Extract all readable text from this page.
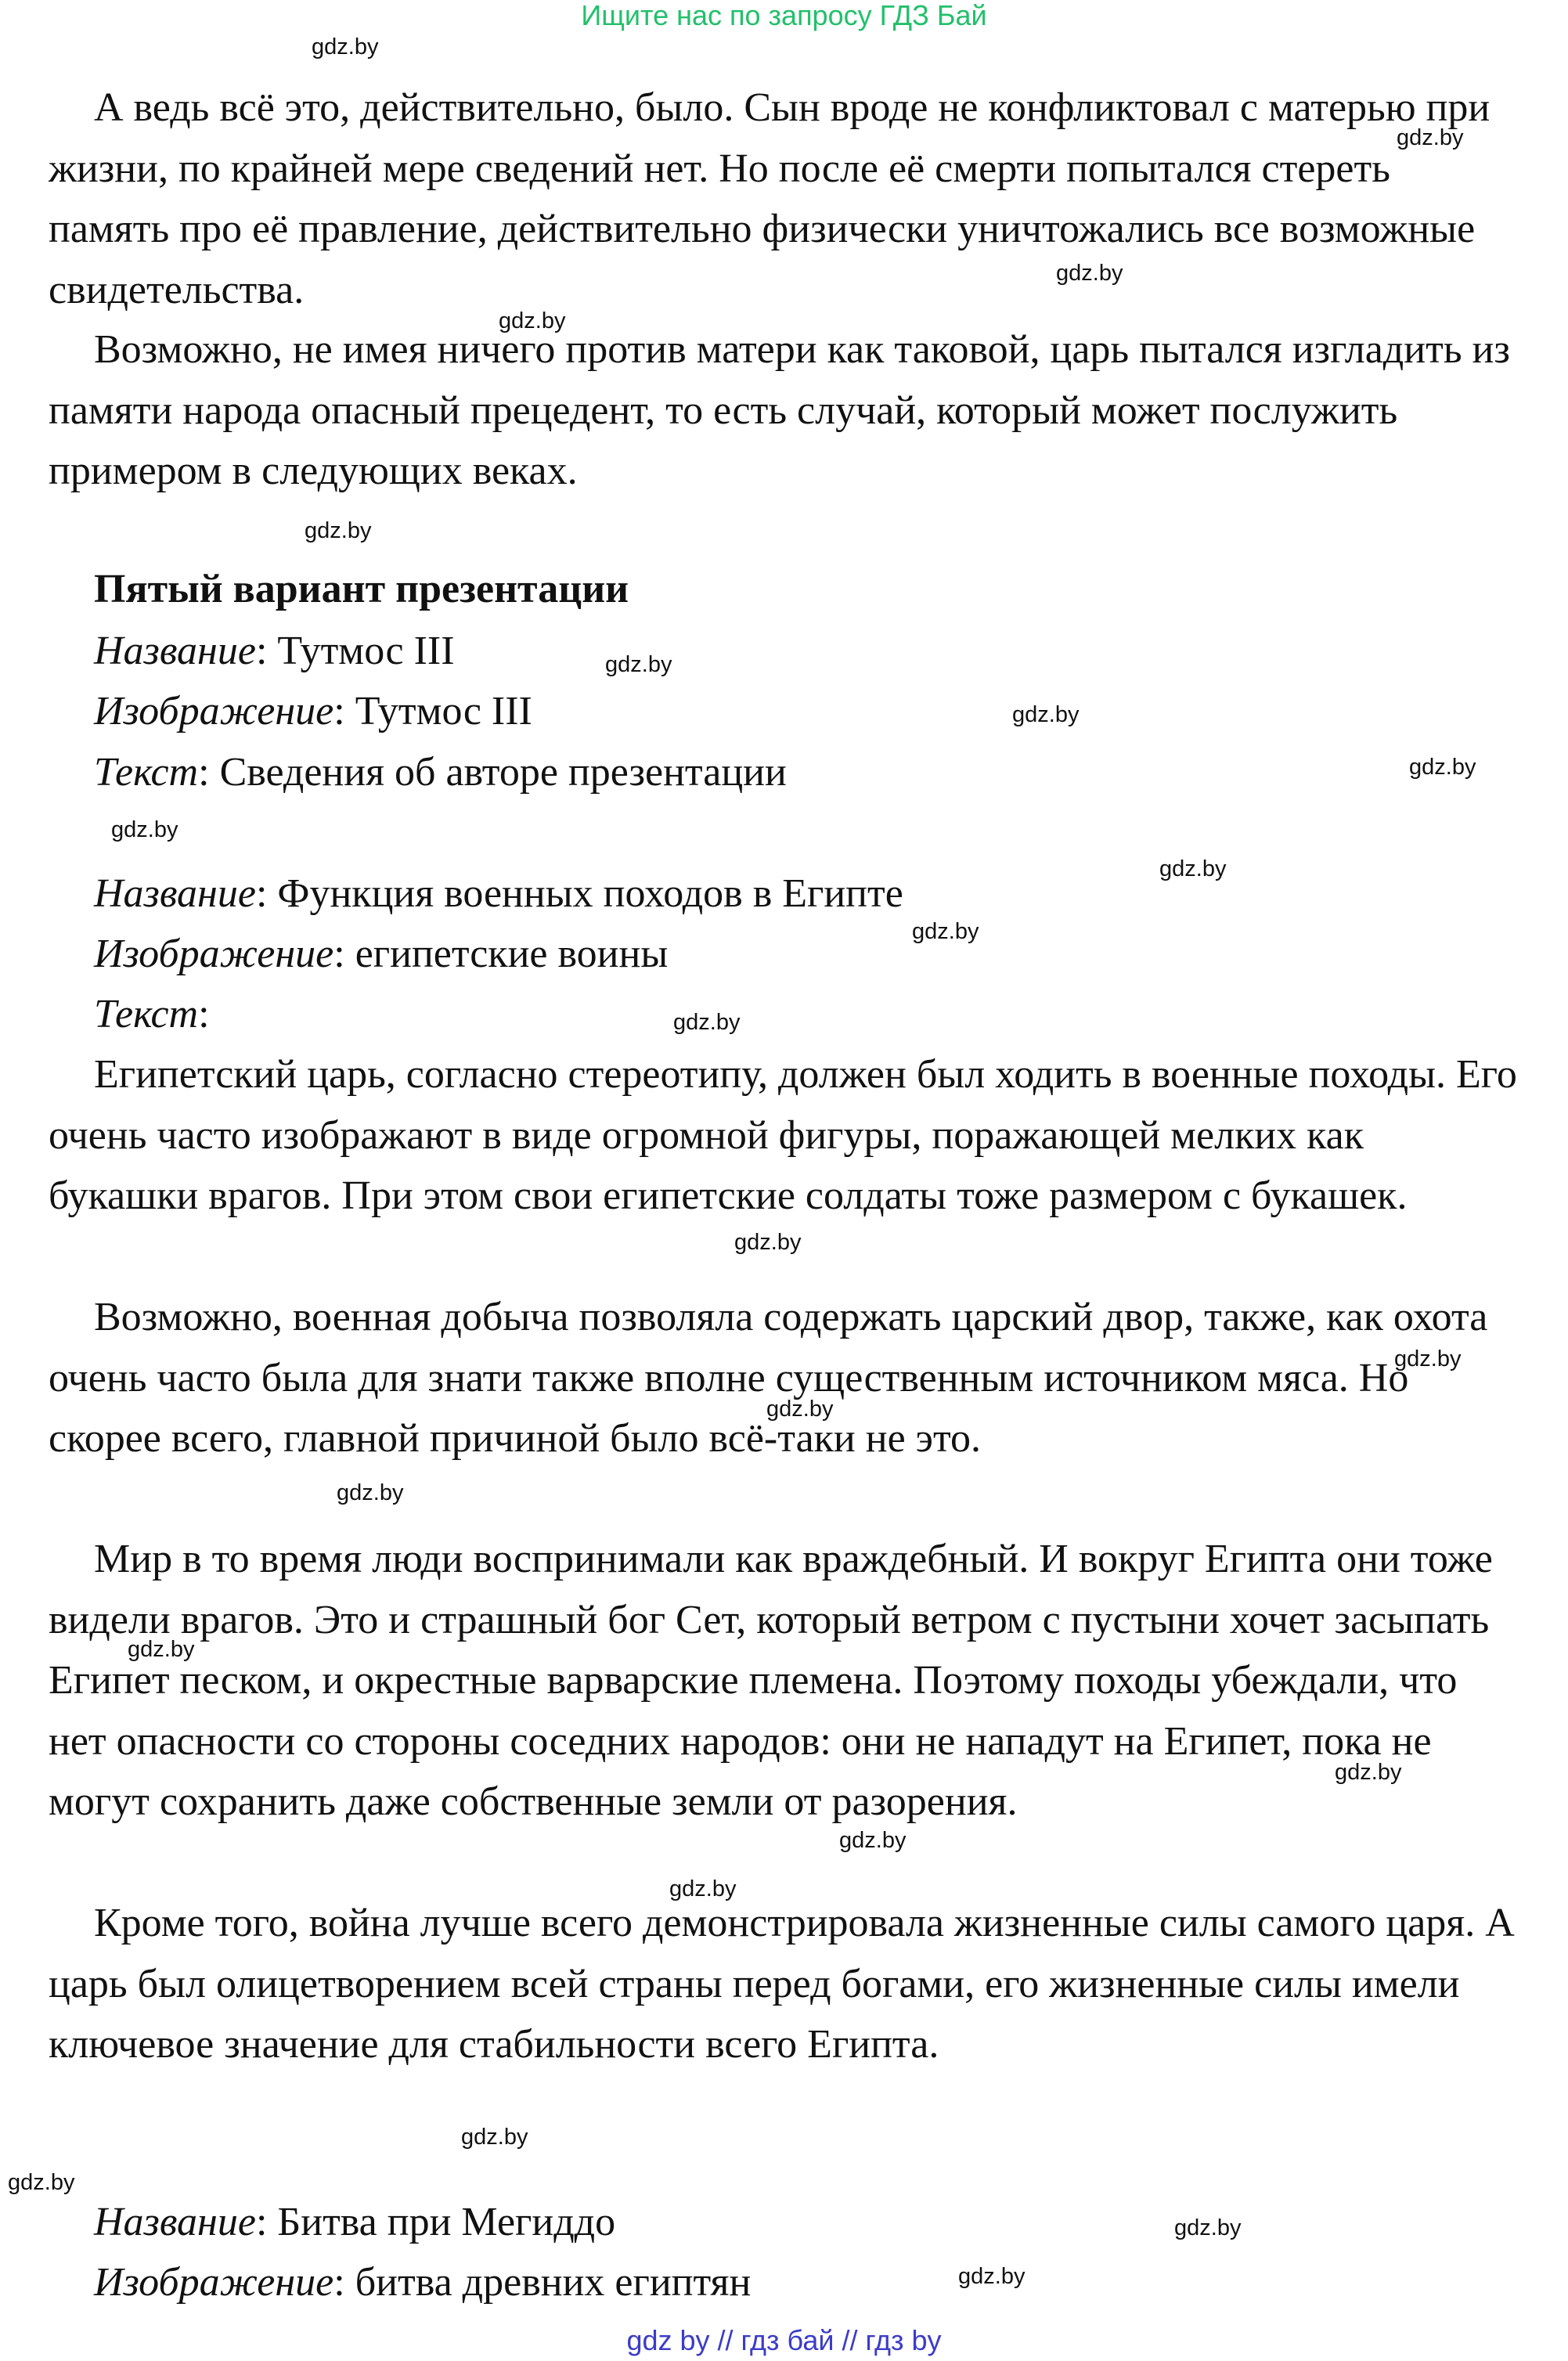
Ищите нас по запросу ГДЗ Бай
gdz.by
gdz.by
gdz.by
gdz.by
gdz.by
gdz.by
gdz.by
gdz.by
gdz.by
gdz.by
gdz.by
gdz.by
gdz.by
gdz.by
gdz.by
gdz.by
gdz.by
gdz.by
gdz.by
gdz.by
gdz.by
gdz.by
gdz.by
gdz.by

А ведь всё это, действительно, было. Сын вроде не конфликтовал с матерью при жизни, по крайней мере сведений нет. Но после её смерти попытался стереть память про её правление, действительно физически уничтожались все возможные свидетельства.

Возможно, не имея ничего против матери как таковой, царь пытался изгладить из памяти народа опасный прецедент, то есть случай, который может послужить примером в следующих веках.

Пятый вариант презентации
Название: Тутмос III
Изображение: Тутмос III
Текст: Сведения об авторе презентации
Название: Функция военных походов в Египте
Изображение: египетские воины
Текст:

Египетский царь, согласно стереотипу, должен был ходить в военные походы. Его очень часто изображают в виде огромной фигуры, поражающей мелких как букашки врагов. При этом свои египетские солдаты тоже размером с букашек.

Возможно, военная добыча позволяла содержать царский двор, также, как охота очень часто была для знати также вполне существенным источником мяса. Но скорее всего, главной причиной было всё-таки не это.

Мир в то время люди воспринимали как враждебный. И вокруг Египта они тоже видели врагов. Это и страшный бог Сет, который ветром с пустыни хочет засыпать Египет песком, и окрестные варварские племена. Поэтому походы убеждали, что нет опасности со стороны соседних народов: они не нападут на Египет, пока не могут сохранить даже собственные земли от разорения.

Кроме того, война лучше всего демонстрировала жизненные силы самого царя. А царь был олицетворением всей страны перед богами, его жизненные силы имели ключевое значение для стабильности всего Египта.

Название: Битва при Мегиддо
Изображение: битва древних египтян
gdz by // гдз бай // гдз by
